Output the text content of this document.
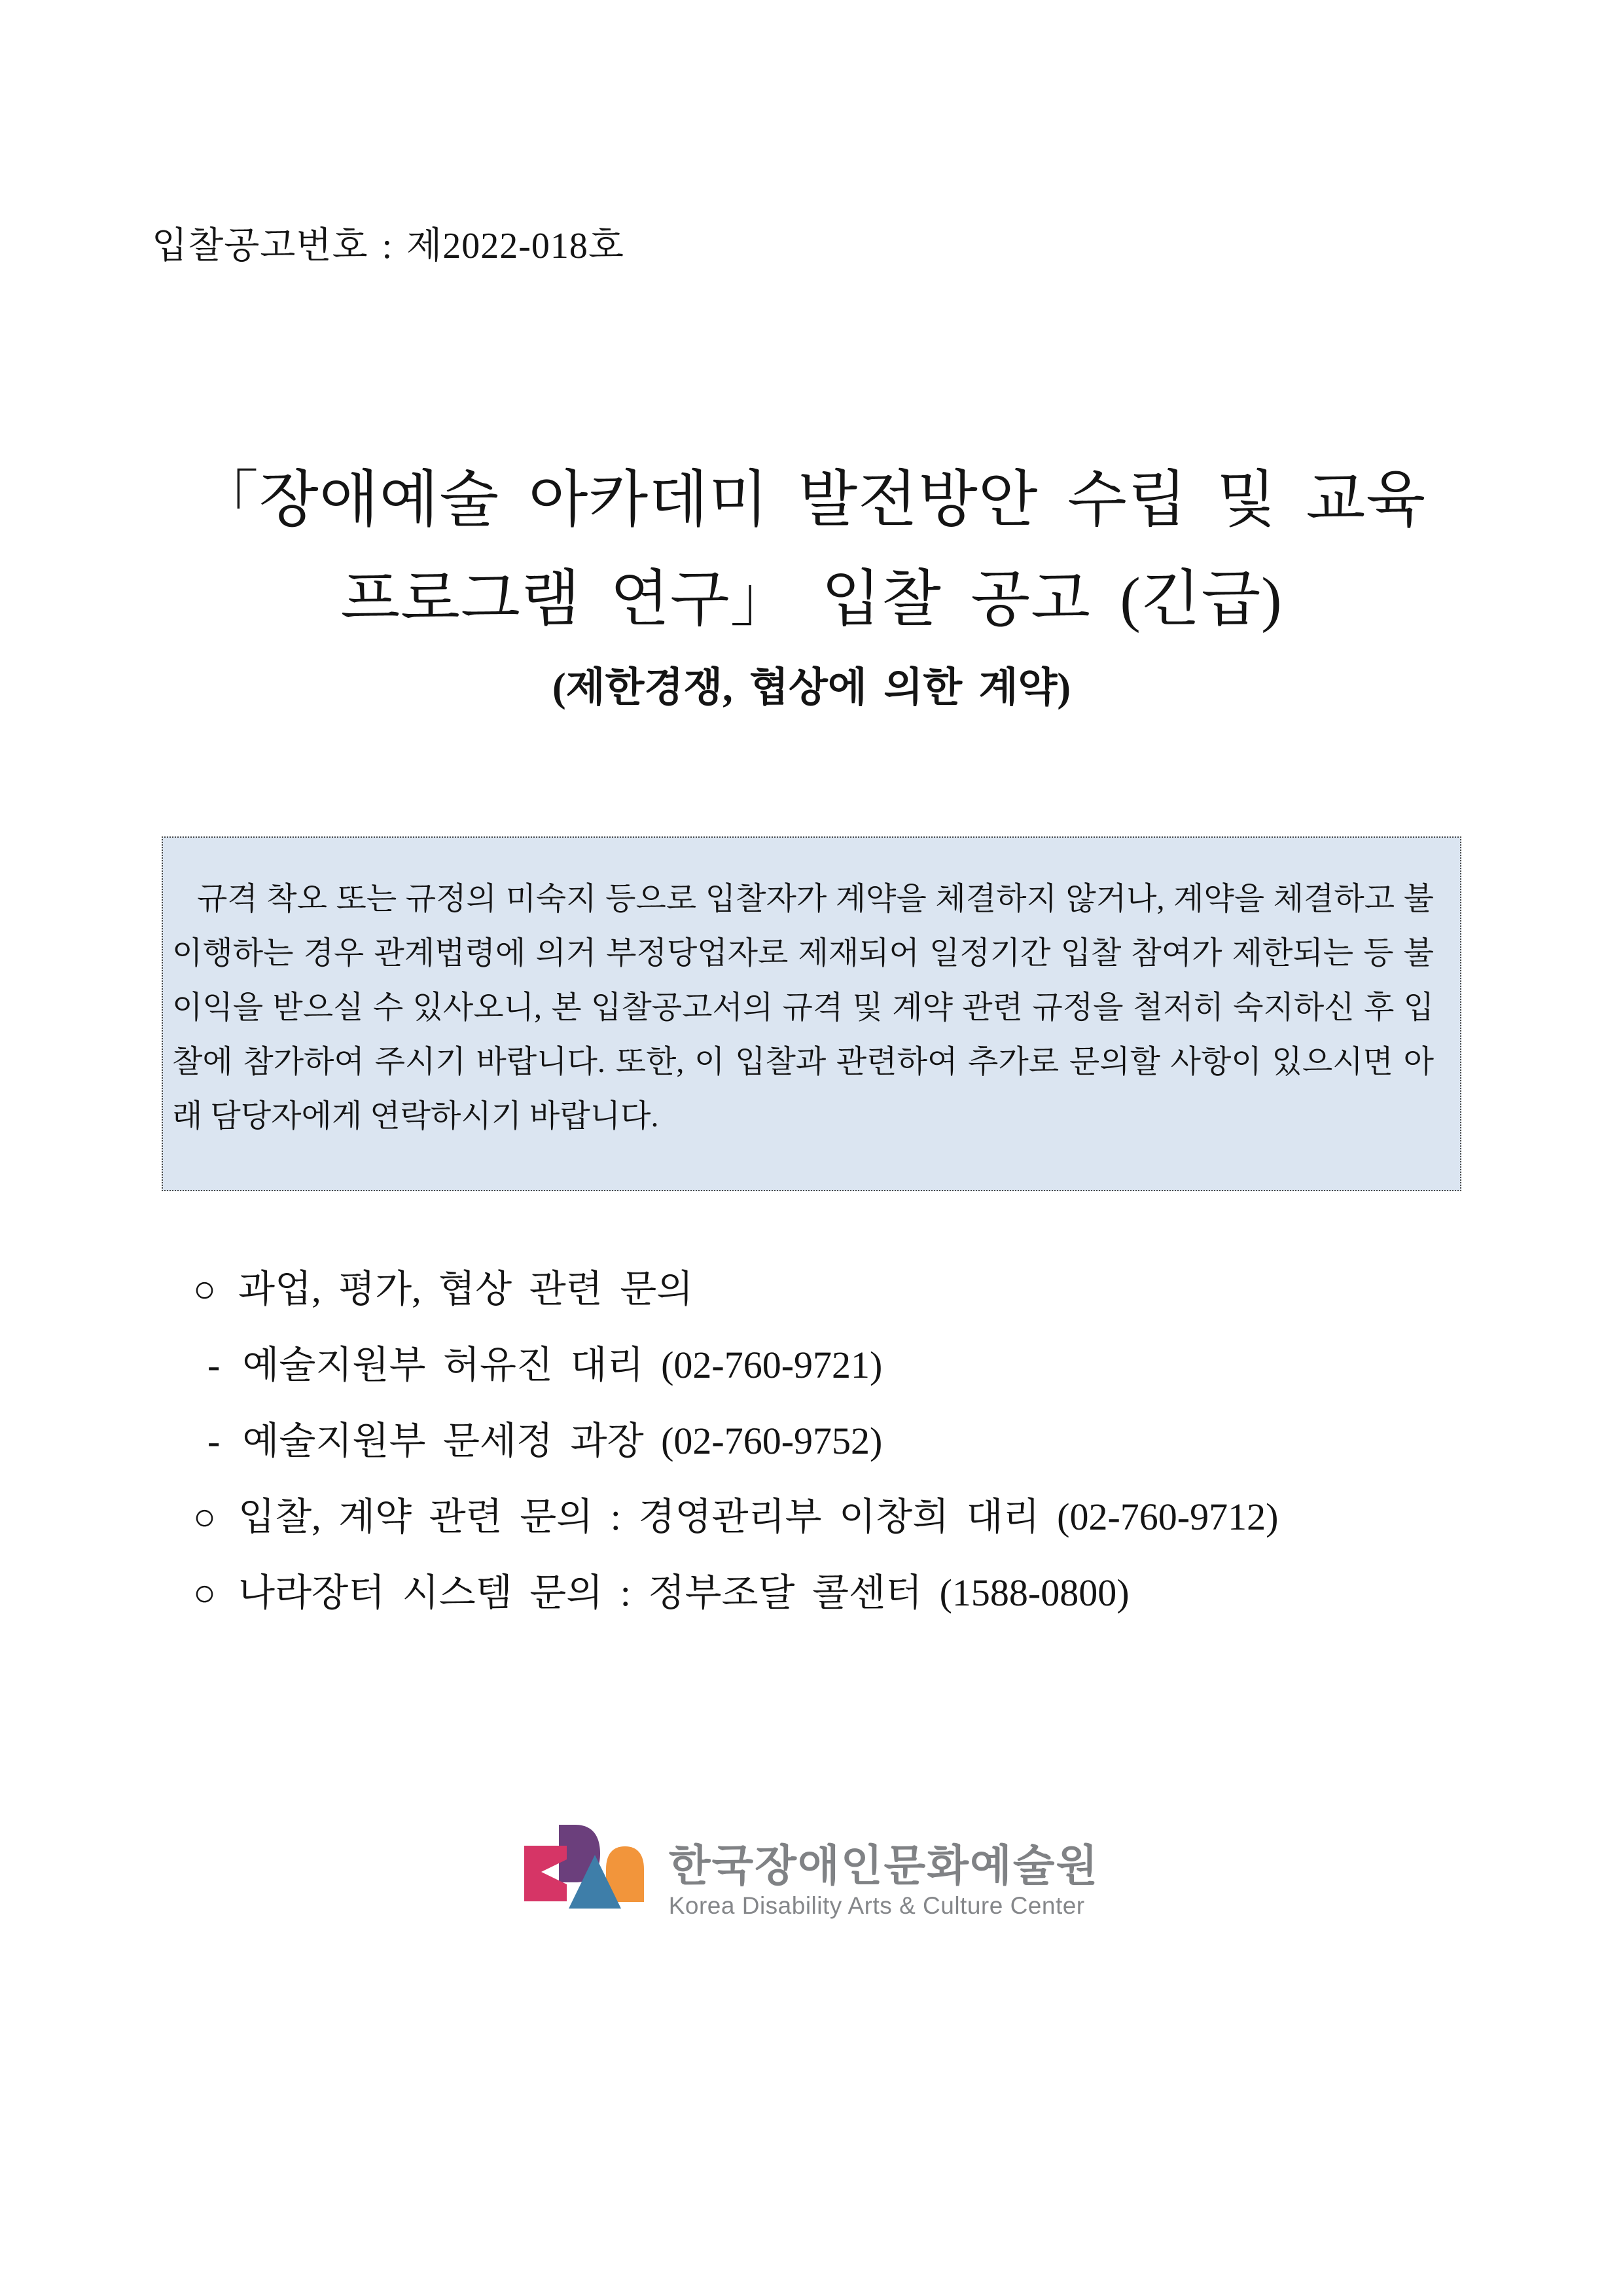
입찰공고번호 : 제2022-018호
「장애예술 아카데미 발전방안 수립 및 교육
프로그램 연구」 입찰 공고 (긴급)
(제한경쟁, 협상에 의한 계약)

규격 착오 또는 규정의 미숙지 등으로 입찰자가 계약을 체결하지 않거나, 계약을 체결하고 불이행하는 경우 관계법령에 의거 부정당업자로 제재되어 일정기간 입찰 참여가 제한되는 등 불이익을 받으실 수 있사오니, 본 입찰공고서의 규격 및 계약 관련 규정을 철저히 숙지하신 후 입찰에 참가하여 주시기 바랍니다. 또한, 이 입찰과 관련하여 추가로 문의할 사항이 있으시면 아래 담당자에게 연락하시기 바랍니다.

○ 과업, 평가, 협상 관련 문의
- 예술지원부 허유진 대리 (02-760-9721)
- 예술지원부 문세정 과장 (02-760-9752)
○ 입찰, 계약 관련 문의 : 경영관리부 이창희 대리 (02-760-9712)
○ 나라장터 시스템 문의 : 정부조달 콜센터 (1588-0800)
한국장애인문화예술원
Korea Disability Arts & Culture Center
